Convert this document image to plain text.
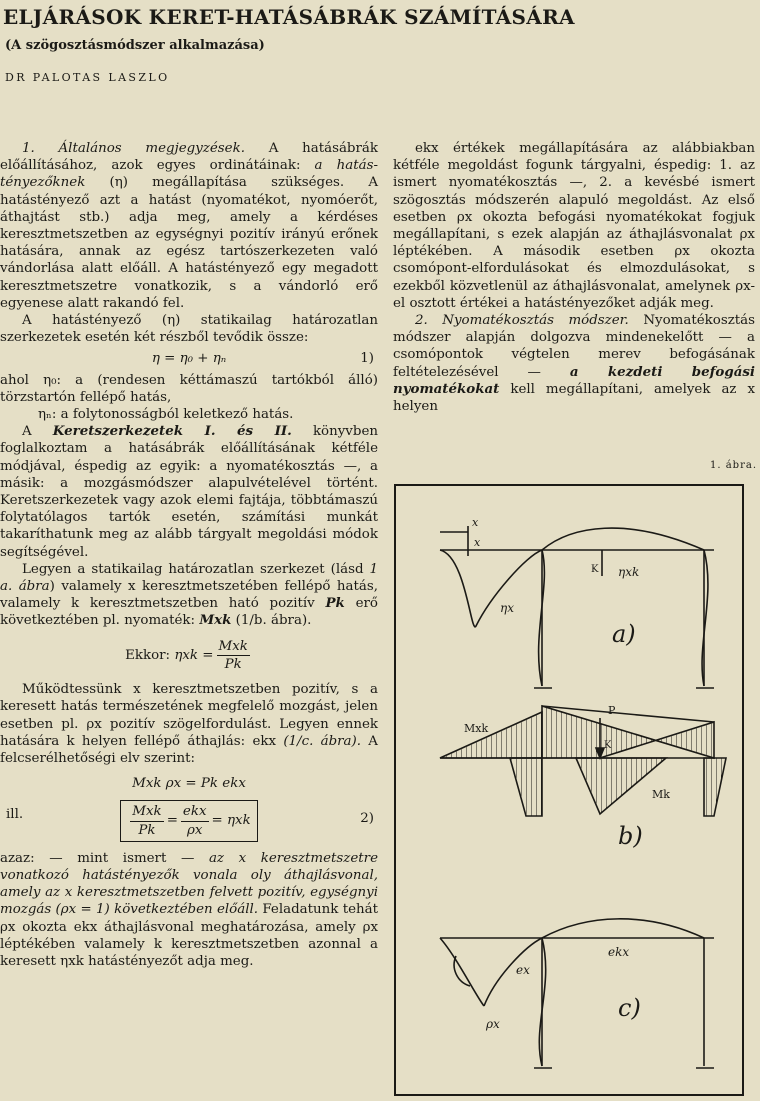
ELJÁRÁSOK KERET-HATÁSÁBRÁK SZÁMÍTÁSÁRA
(A szögosztásmódszer alkalmazása)
DR PALOTAS LASZLO

1. Általános megjegyzések. A hatásábrák előállításához, azok egyes ordinátáinak: a hatás-tényezőknek (η) megállapítása szükséges. A hatástényező azt a hatást (nyomatékot, nyomóerőt, áthajtást stb.) adja meg, amely a kérdéses keresztmetszetben az egységnyi pozitív irányú erőnek hatására, annak az egész tartószerkezeten való vándorlása alatt előáll. A hatástényező egy megadott keresztmetszetre vonatkozik, s a vándorló erő egyenese alatt rakandó fel.

A hatástényező (η) statikailag határozatlan szerkezetek esetén két részből tevődik össze:

η = η₀ + ηₙ	1)

ahol η₀: a (rendesen kéttámaszú tartókból álló) törzstartón fellépő hatás,

ηₙ: a folytonosságból keletkező hatás.

A Keretszerkezetek I. és II. könyvben foglalkoztam a hatásábrák előállításának kétféle módjával, éspedig az egyik: a nyomatékosztás —, a másik: a mozgásmódszer alapulvételével történt. Keretszerkezetek vagy azok elemi fajtája, többtámaszú folytatólagos tartók esetén, számítási munkát takaríthatunk meg az alább tárgyalt megoldási módok segítségével.

Legyen a statikailag határozatlan szerkezet (lásd 1 a. ábra) valamely x keresztmetszetében fellépő hatás, valamely k keresztmetszetben ható pozitív Pk erő következtében pl. nyomaték: Mxk (1/b. ábra).

Ekkor: $\eta xk = \frac{\text{Mxk}}{Pk}$

Működtessünk x keresztmetszetben pozitív, s a keresett hatás természetének megfelelő mozgást, jelen esetben pl. ρx pozitív szögelfordulást. Legyen ennek hatására k helyen fellépő áthajlás: ekx (1/c. ábra). A felcserélhetőségi elv szerint:

Mxk ρx = Pk ekx
ill.	$\frac{\text{Mxk}}{Pk} = \frac{\text{ekx}}{\rho x} = \eta xk$	2)

azaz: — mint ismert — az x keresztmetszetre vonatkozó hatástényezők vonala oly áthajlásvonal, amely az x keresztmetszetben felvett pozitív, egységnyi mozgás (ρx = 1) következtében előáll. Feladatunk tehát ρx okozta ekx áthajlásvonal meghatározása, amely ρx léptékében valamely k keresztmetszetben azonnal a keresett ηxk hatástényezőt adja meg.

ekx értékek megállapítására az alábbiakban kétféle megoldást fogunk tárgyalni, éspedig: 1. az ismert nyomatékosztás —, 2. a kevésbé ismert szögosztás módszerén alapuló megoldást. Az első esetben ρx okozta befogási nyomatékokat fogjuk megállapítani, s ezek alapján az áthajlásvonalat ρx léptékében. A második esetben ρx okozta csomópont-elfordulásokat és elmozdulásokat, s ezekből közvetlenül az áthajlásvonalat, amelynek ρx-el osztott értékei a hatástényezőket adják meg.

2. Nyomatékosztás módszer. Nyomatékosztás módszer alapján dolgozva mindenekelőtt — a csomópontok végtelen merev befogásának feltételezésével — a kezdeti befogási nyomatékokat kell megállapítani, amelyek az x helyen

1. ábra.
x
x
ηx
K ηxk
a)
P
K
Mxk
Mk
b)
ρx
ex
ekx
c)
